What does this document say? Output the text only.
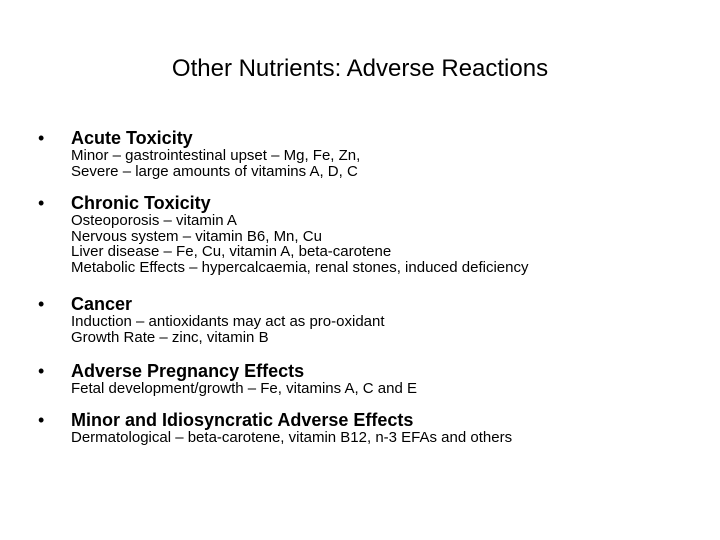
Other Nutrients: Adverse Reactions
• Acute Toxicity
Minor – gastrointestinal upset – Mg, Fe, Zn,
Severe – large amounts of vitamins A, D, C
• Chronic Toxicity
Osteoporosis – vitamin A
Nervous system – vitamin B6, Mn, Cu
Liver disease – Fe, Cu, vitamin A, beta-carotene
Metabolic Effects – hypercalcaemia, renal stones, induced deficiency
• Cancer
Induction – antioxidants may act as pro-oxidant
Growth Rate – zinc, vitamin B
• Adverse Pregnancy Effects
Fetal development/growth – Fe, vitamins A, C and E
• Minor and Idiosyncratic Adverse Effects
Dermatological – beta-carotene, vitamin B12, n-3 EFAs and others
